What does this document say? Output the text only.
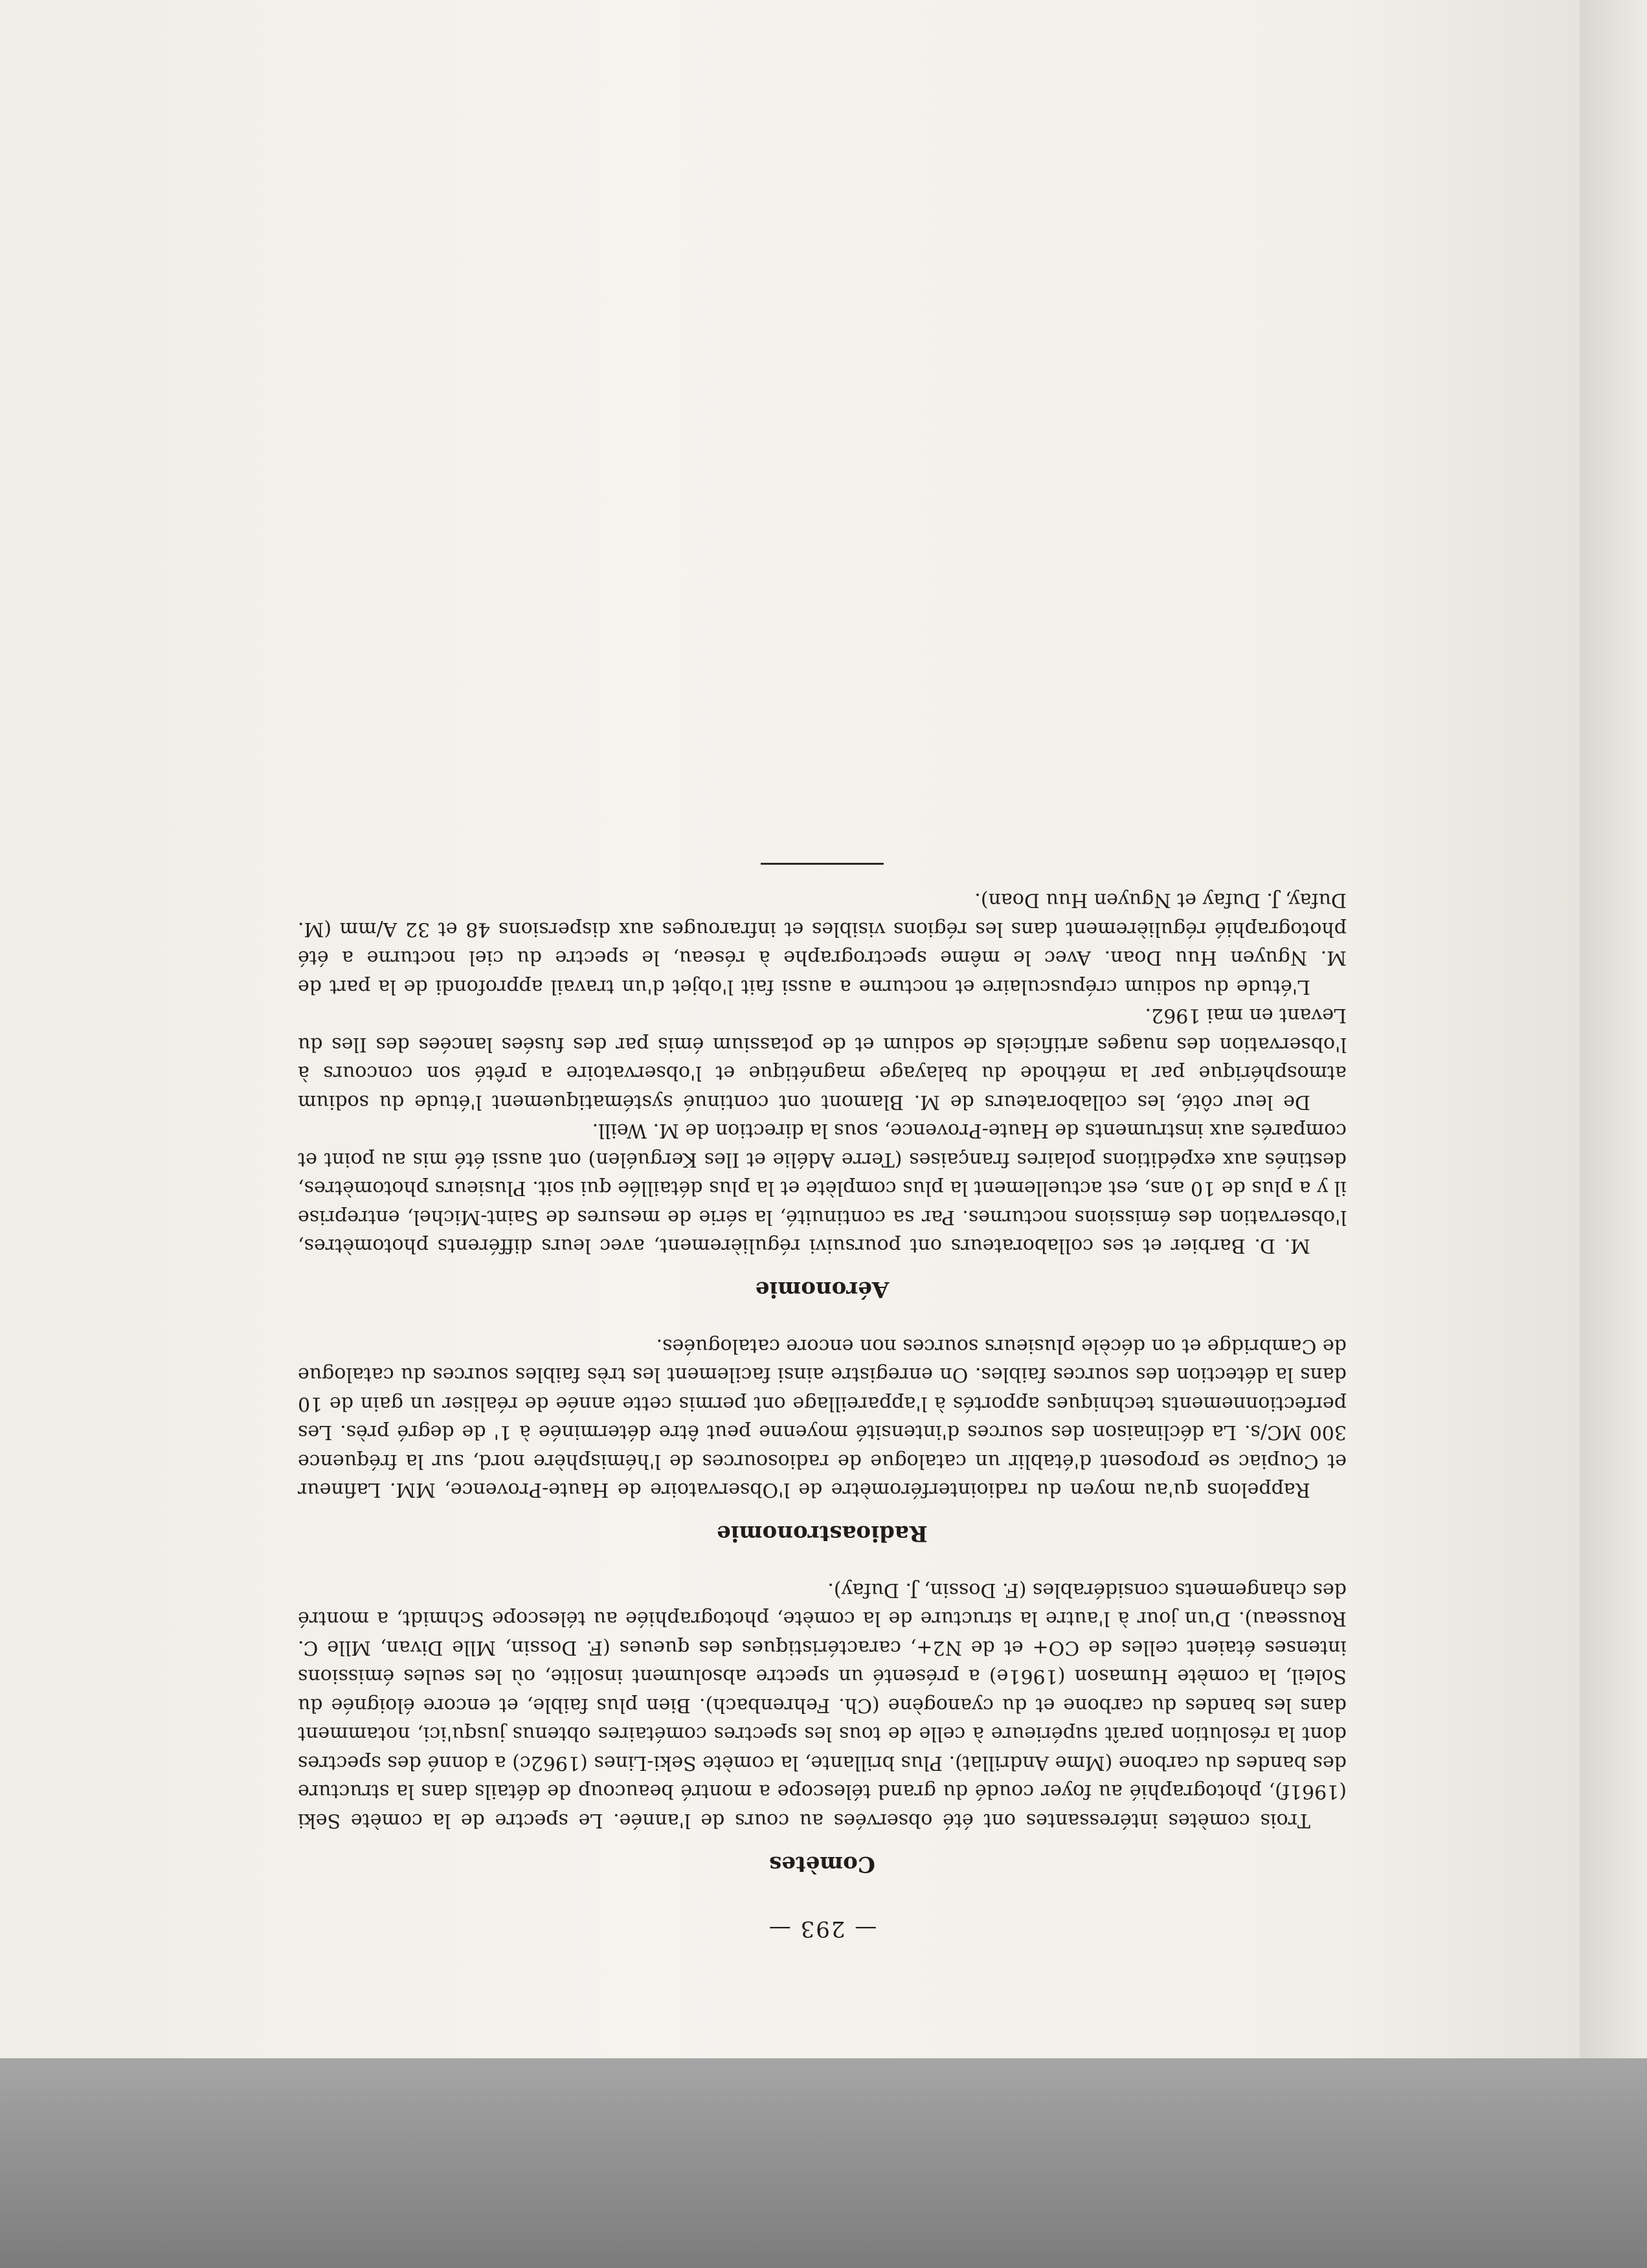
— 293 —
Comètes

Trois comètes intéressantes ont été observées au cours de l'année. Le spectre de la comète Seki (1961f), photographié au foyer coudé du grand télescope a montré beaucoup de détails dans la structure des bandes du carbone (Mme Andrillat). Plus brillante, la comète Seki-Lines (1962c) a donné des spectres dont la résolution paraît supérieure à celle de tous les spectres cométaires obtenus jusqu'ici, notamment dans les bandes du carbone et du cyanogène (Ch. Fehrenbach). Bien plus faible, et encore éloignée du Soleil, la comète Humason (1961e) a présenté un spectre absolument insolite, où les seules émissions intenses étaient celles de CO+ et de N2+, caractéristiques des queues (F. Dossin, Mlle Divan, Mlle C. Rousseau). D'un jour à l'autre la structure de la comète, photographiée au télescope Schmidt, a montré des changements considérables (F. Dossin, J. Dufay).

Radioastronomie

Rappelons qu'au moyen du radiointerféromètre de l'Observatoire de Haute-Provence, MM. Lafineur et Coupiac se proposent d'établir un catalogue de radiosources de l'hémisphère nord, sur la fréquence 300 MC/s. La déclinaison des sources d'intensité moyenne peut être déterminée à 1' de degré près. Les perfectionnements techniques apportés à l'appareillage ont permis cette année de réaliser un gain de 10 dans la détection des sources faibles. On enregistre ainsi facilement les très faibles sources du catalogue de Cambridge et on décèle plusieurs sources non encore cataloguées.

Aéronomie

M. D. Barbier et ses collaborateurs ont poursuivi régulièrement, avec leurs différents photomètres, l'observation des émissions nocturnes. Par sa continuité, la série de mesures de Saint-Michel, entreprise il y a plus de 10 ans, est actuellement la plus complète et la plus détaillée qui soit. Plusieurs photomètres, destinés aux expéditions polaires françaises (Terre Adélie et Iles Kerguélen) ont aussi été mis au point et comparés aux instruments de Haute-Provence, sous la direction de M. Weill.

De leur côté, les collaborateurs de M. Blamont ont continué systématiquement l'étude du sodium atmosphérique par la méthode du balayage magnétique et l'observatoire a prêté son concours à l'observation des nuages artificiels de sodium et de potassium émis par des fusées lancées des Iles du Levant en mai 1962.

L'étude du sodium crépusculaire et nocturne a aussi fait l'objet d'un travail approfondi de la part de M. Nguyen Huu Doan. Avec le même spectrographe à réseau, le spectre du ciel nocturne a été photographié régulièrement dans les régions visibles et infrarouges aux dispersions 48 et 32 A/mm (M. Dufay, J. Dufay et Nguyen Huu Doan).
